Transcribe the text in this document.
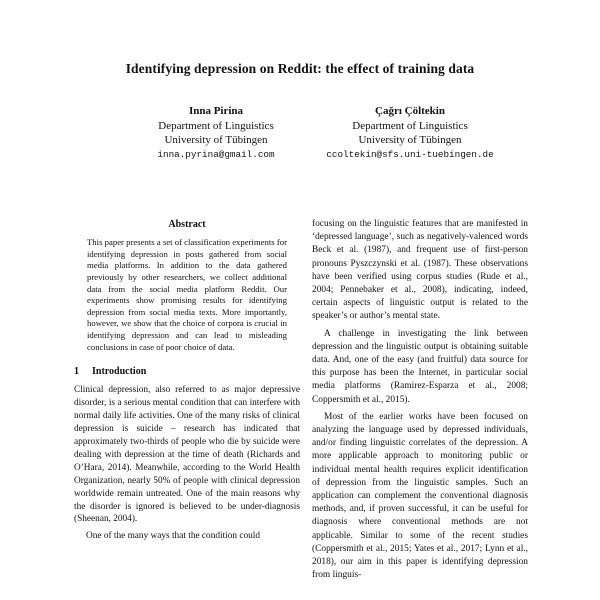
Identifying depression on Reddit: the effect of training data
Inna Pirina
Department of Linguistics
University of Tübingen
inna.pyrina@gmail.com
Çağrı Çöltekin
Department of Linguistics
University of Tübingen
ccoltekin@sfs.uni-tuebingen.de
Abstract

This paper presents a set of classification experiments for identifying depression in posts gathered from social media platforms. In addition to the data gathered previously by other researchers, we collect additional data from the social media platform Reddit. Our experiments show promising results for identifying depression from social media texts. More importantly, however, we show that the choice of corpora is crucial in identifying depression and can lead to misleading conclusions in case of poor choice of data.

1 Introduction

Clinical depression, also referred to as major depressive disorder, is a serious mental condition that can interfere with normal daily life activities. One of the many risks of clinical depression is suicide – research has indicated that approximately two-thirds of people who die by suicide were dealing with depression at the time of death (Richards and O’Hara, 2014). Meanwhile, according to the World Health Organization, nearly 50% of people with clinical depression worldwide remain untreated. One of the main reasons why the disorder is ignored is believed to be under-diagnosis (Sheenan, 2004).

One of the many ways that the condition could

focusing on the linguistic features that are manifested in ‘depressed language’, such as negatively-valenced words Beck et al. (1987), and frequent use of first-person pronouns Pyszczynski et al. (1987). These observations have been verified using corpus studies (Rude et al., 2004; Pennebaker et al., 2008), indicating, indeed, certain aspects of linguistic output is related to the speaker’s or author’s mental state.

A challenge in investigating the link between depression and the linguistic output is obtaining suitable data. And, one of the easy (and fruitful) data source for this purpose has been the Internet, in particular social media platforms (Ramirez-Esparza et al., 2008; Coppersmith et al., 2015).

Most of the earlier works have been focused on analyzing the language used by depressed individuals, and/or finding linguistic correlates of the depression. A more applicable approach to monitoring public or individual mental health requires explicit identification of depression from the linguistic samples. Such an application can complement the conventional diagnosis methods, and, if proven successful, it can be useful for diagnosis where conventional methods are not applicable. Similar to some of the recent studies (Coppersmith et al., 2015; Yates et al., 2017; Lynn et al., 2018), our aim in this paper is identifying depression from linguis-
